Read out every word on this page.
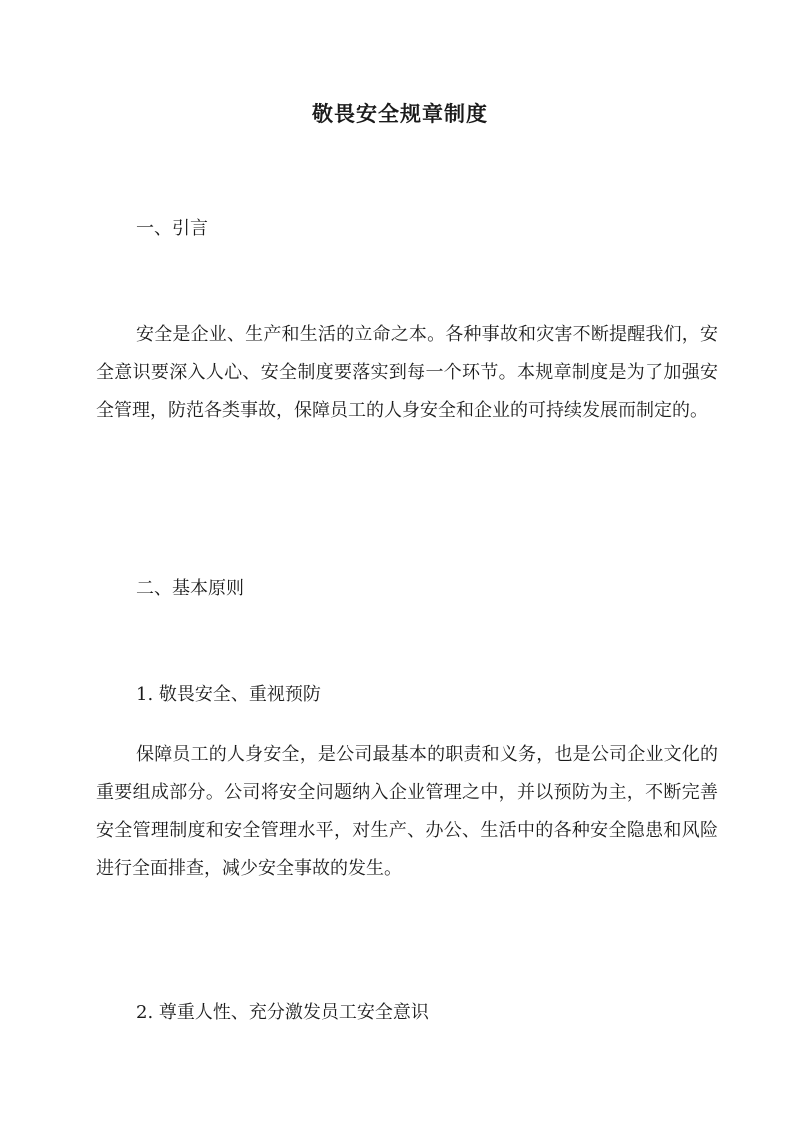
敬畏安全规章制度
一、引言

安全是企业、生产和生活的立命之本。各种事故和灾害不断提醒我们，安全意识要深入人心、安全制度要落实到每一个环节。本规章制度是为了加强安全管理，防范各类事故，保障员工的人身安全和企业的可持续发展而制定的。

二、基本原则
1. 敬畏安全、重视预防

保障员工的人身安全，是公司最基本的职责和义务，也是公司企业文化的重要组成部分。公司将安全问题纳入企业管理之中，并以预防为主，不断完善安全管理制度和安全管理水平，对生产、办公、生活中的各种安全隐患和风险进行全面排查，减少安全事故的发生。

2. 尊重人性、充分激发员工安全意识
